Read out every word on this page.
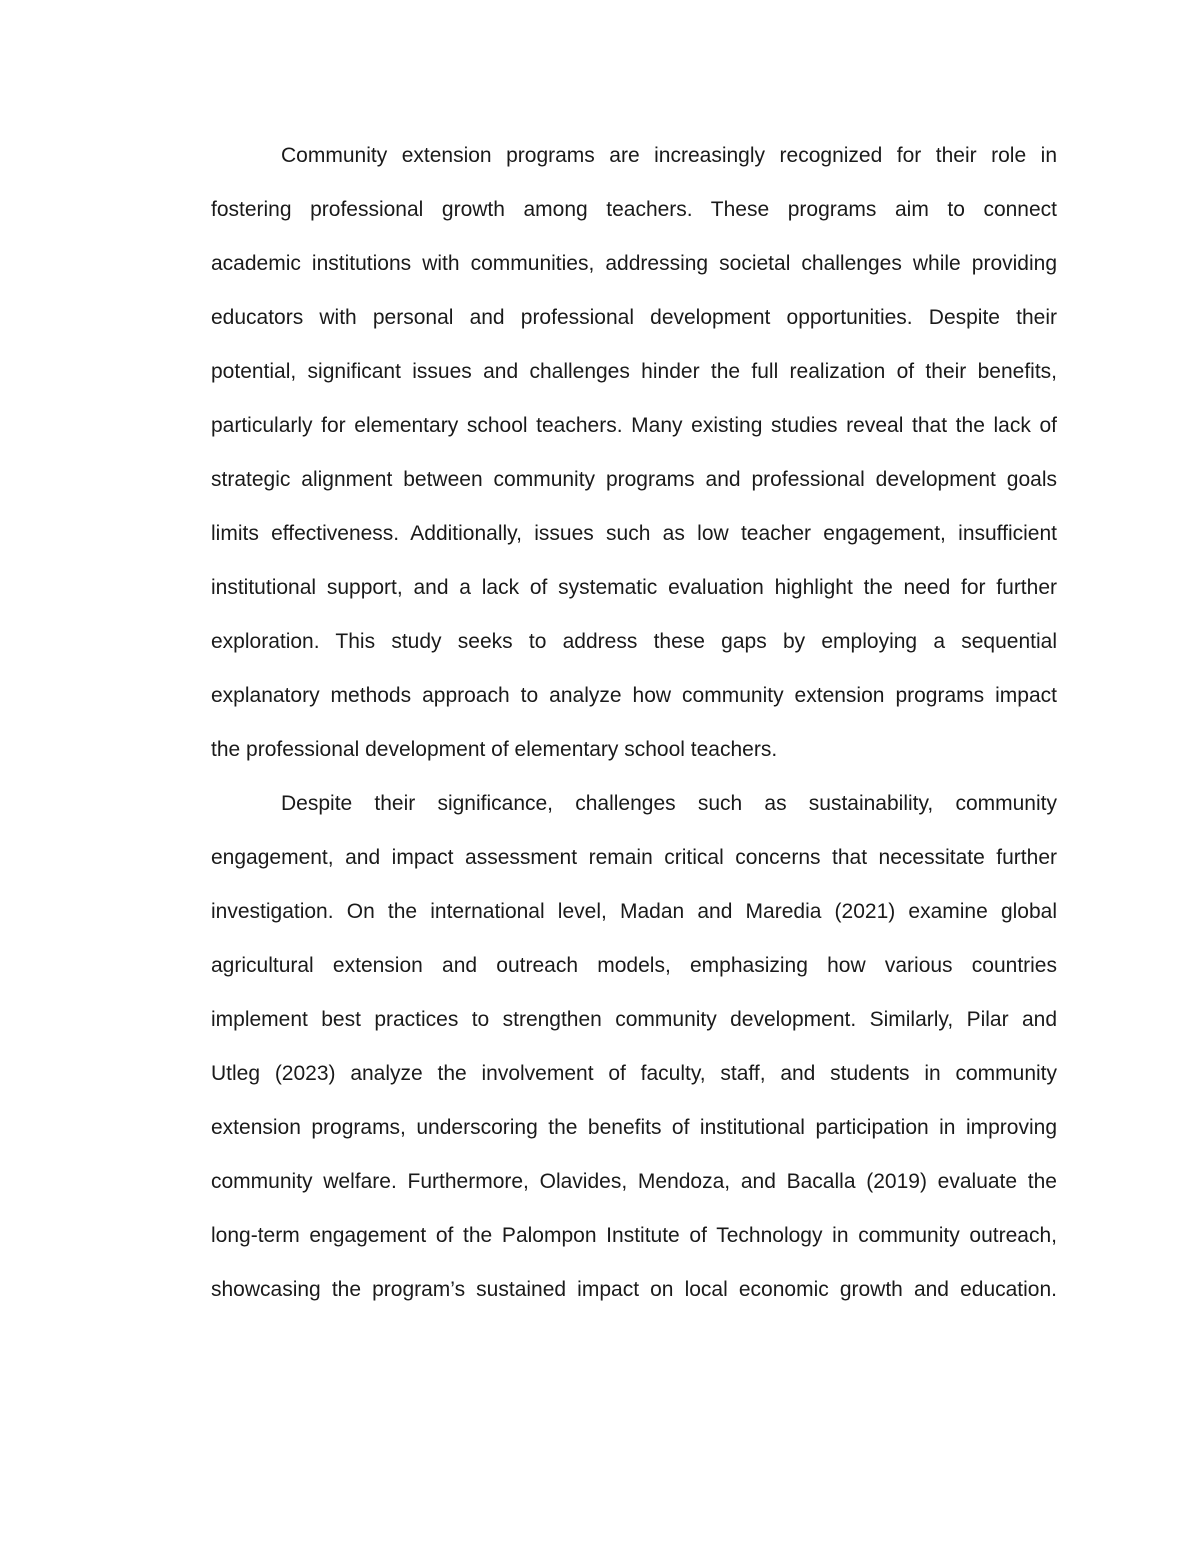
Community extension programs are increasingly recognized for their role in
fostering professional growth among teachers. These programs aim to connect
academic institutions with communities, addressing societal challenges while providing
educators with personal and professional development opportunities. Despite their
potential, significant issues and challenges hinder the full realization of their benefits,
particularly for elementary school teachers. Many existing studies reveal that the lack of
strategic alignment between community programs and professional development goals
limits effectiveness. Additionally, issues such as low teacher engagement, insufficient
institutional support, and a lack of systematic evaluation highlight the need for further
exploration. This study seeks to address these gaps by employing a sequential
explanatory methods approach to analyze how community extension programs impact
the professional development of elementary school teachers.
Despite their significance, challenges such as sustainability, community
engagement, and impact assessment remain critical concerns that necessitate further
investigation. On the international level, Madan and Maredia (2021) examine global
agricultural extension and outreach models, emphasizing how various countries
implement best practices to strengthen community development. Similarly, Pilar and
Utleg (2023) analyze the involvement of faculty, staff, and students in community
extension programs, underscoring the benefits of institutional participation in improving
community welfare. Furthermore, Olavides, Mendoza, and Bacalla (2019) evaluate the
long-term engagement of the Palompon Institute of Technology in community outreach,
showcasing the program’s sustained impact on local economic growth and education.
